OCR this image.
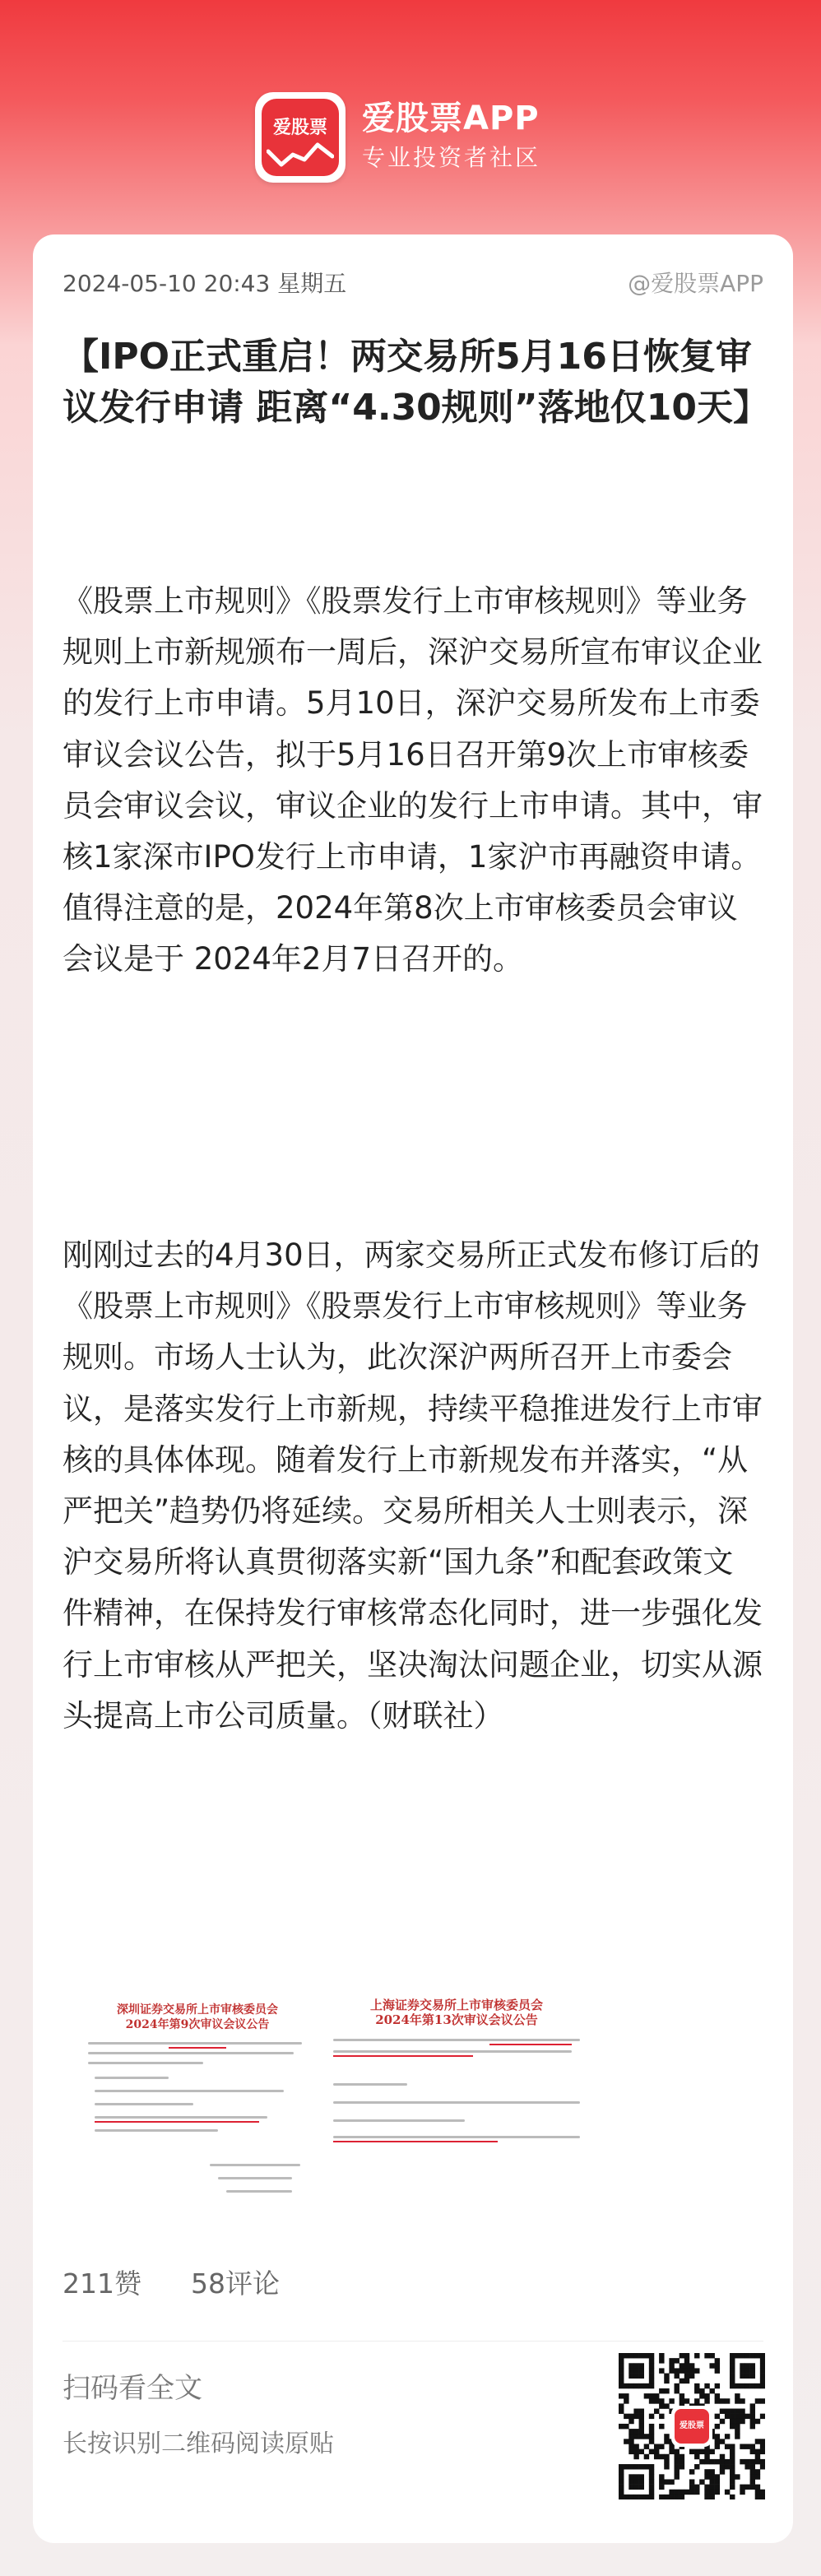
爱股票	爱股票APP
专业投资者社区
2024-05-10 20:43 星期五	@爱股票APP
【IPO正式重启！两交易所5月16日恢复审议发行申请 距离“4.30规则”落地仅10天】
《股票上市规则》《股票发行上市审核规则》等业务规则上市新规颁布一周后，深沪交易所宣布审议企业的发行上市申请。5月10日，深沪交易所发布上市委审议会议公告，拟于5月16日召开第9次上市审核委员会审议会议，审议企业的发行上市申请。其中，审核1家深市IPO发行上市申请，1家沪市再融资申请。值得注意的是，2024年第8次上市审核委员会审议会议是于 2024年2月7日召开的。
刚刚过去的4月30日，两家交易所正式发布修订后的《股票上市规则》《股票发行上市审核规则》等业务规则。市场人士认为，此次深沪两所召开上市委会议，是落实发行上市新规，持续平稳推进发行上市审核的具体体现。随着发行上市新规发布并落实，“从严把关”趋势仍将延续。交易所相关人士则表示，深沪交易所将认真贯彻落实新“国九条”和配套政策文件精神，在保持发行审核常态化同时，进一步强化发行上市审核从严把关，坚决淘汰问题企业，切实从源头提高上市公司质量。（财联社）
深圳证券交易所上市审核委员会
2024年第9次审议会议公告
上海证券交易所上市审核委员会
2024年第13次审议会议公告
211赞 58评论
扫码看全文
长按识别二维码阅读原贴
爱股票
